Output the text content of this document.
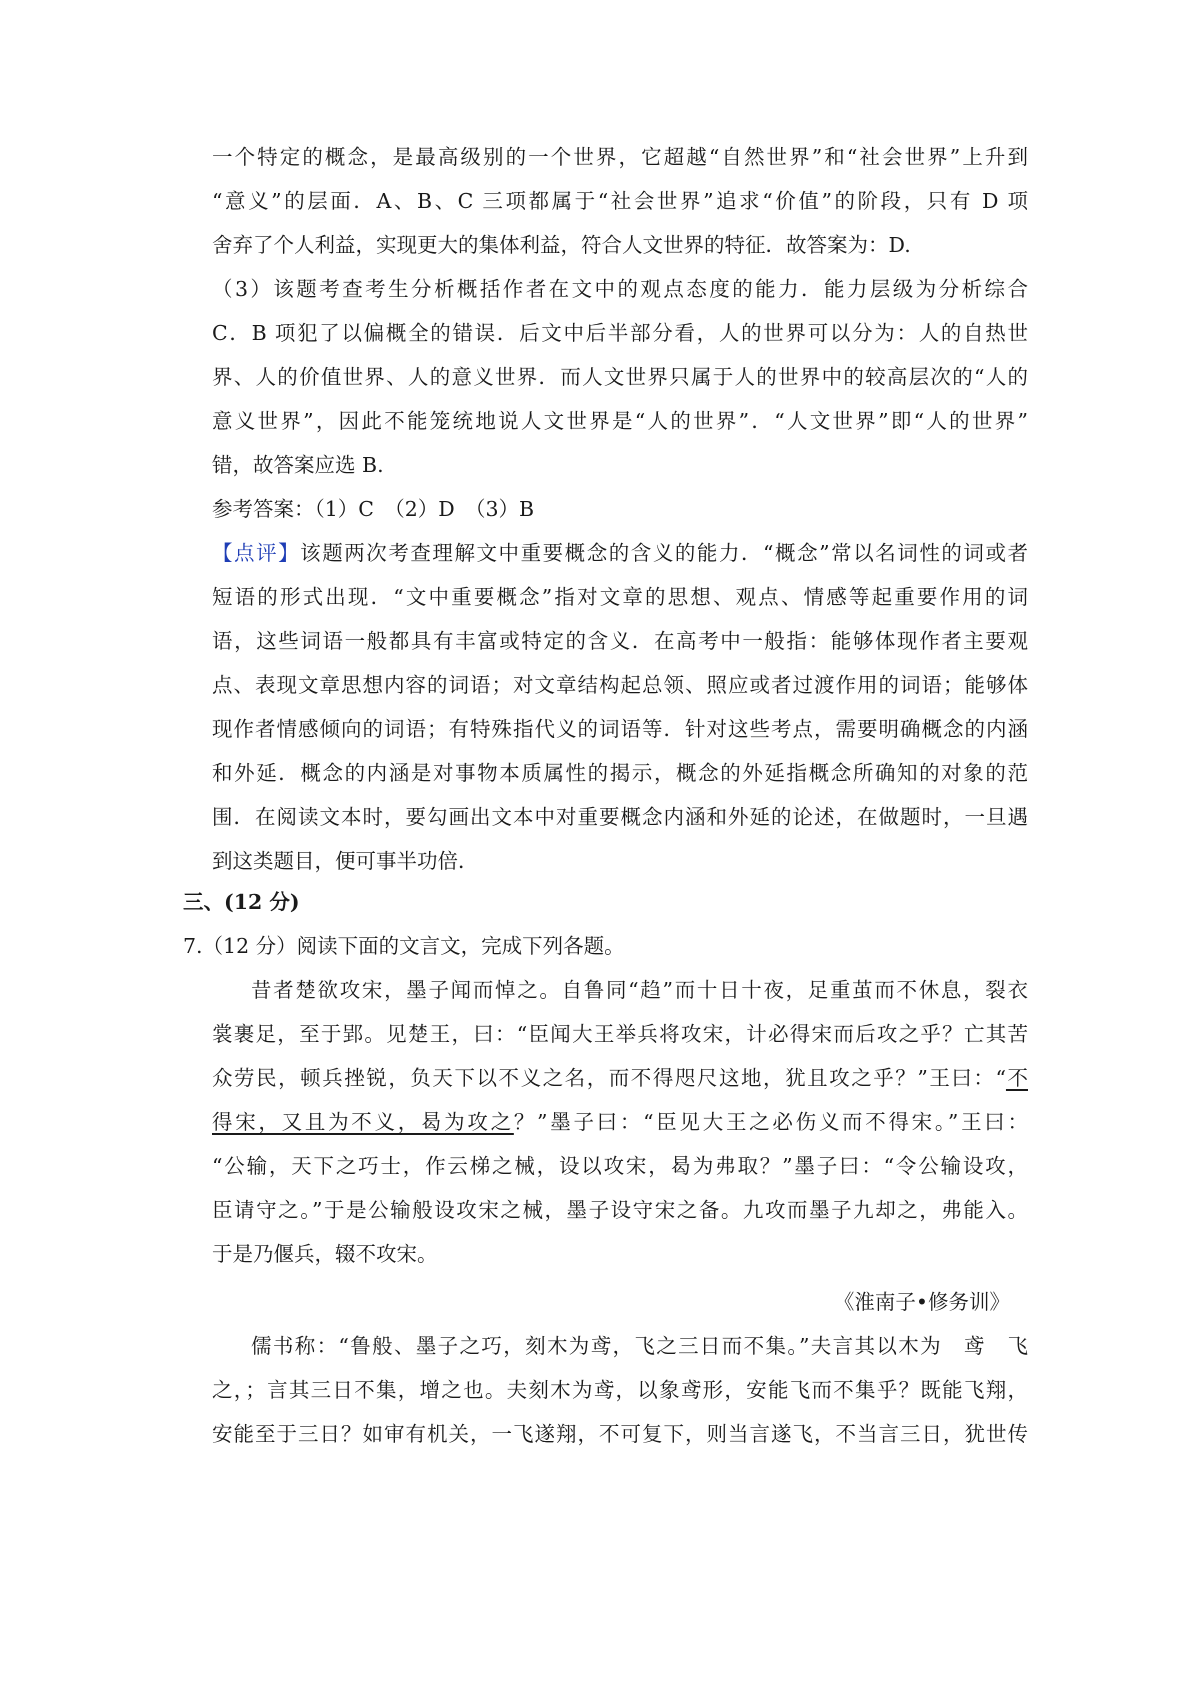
一个特定的概念，是最高级别的一个世界，它超越“自然世界”和“社会世界”上升到
“意义”的层面．A、B、C 三项都属于“社会世界”追求“价值”的阶段，只有 D 项
舍弃了个人利益，实现更大的集体利益，符合人文世界的特征．故答案为：D.
（3）该题考查考生分析概括作者在文中的观点态度的能力．能力层级为分析综合
C．B 项犯了以偏概全的错误．后文中后半部分看，人的世界可以分为：人的自热世
界、人的价值世界、人的意义世界．而人文世界只属于人的世界中的较高层次的“人的
意义世界”，因此不能笼统地说人文世界是“人的世界”．“人文世界”即“人的世界”
错，故答案应选 B.
参考答案：（1）C　（2）D　（3）B
【点评】该题两次考查理解文中重要概念的含义的能力．“概念”常以名词性的词或者
短语的形式出现．“文中重要概念”指对文章的思想、观点、情感等起重要作用的词
语，这些词语一般都具有丰富或特定的含义．在高考中一般指：能够体现作者主要观
点、表现文章思想内容的词语；对文章结构起总领、照应或者过渡作用的词语；能够体
现作者情感倾向的词语；有特殊指代义的词语等．针对这些考点，需要明确概念的内涵
和外延．概念的内涵是对事物本质属性的揭示，概念的外延指概念所确知的对象的范
围．在阅读文本时，要勾画出文本中对重要概念内涵和外延的论述，在做题时，一旦遇
到这类题目，便可事半功倍．
三、(12 分)
7.（12 分）阅读下面的文言文，完成下列各题。
昔者楚欲攻宋，墨子闻而悼之。自鲁同“趋”而十日十夜，足重茧而不休息，裂衣
裳裹足，至于郢。见楚王，曰：“臣闻大王举兵将攻宋，计必得宋而后攻之乎？亡其苦
众劳民，顿兵挫锐，负天下以不义之名，而不得咫尺这地，犹且攻之乎？”王曰：“不
得宋，又且为不义，曷为攻之？”墨子曰：“臣见大王之必伤义而不得宋。”王曰：
“公输，天下之巧士，作云梯之械，设以攻宋，曷为弗取？”墨子曰：“令公输设攻，
臣请守之。”于是公输般设攻宋之械，墨子设守宋之备。九攻而墨子九却之，弗能入。
于是乃偃兵，辍不攻宋。
《淮南子•修务训》
儒书称：“鲁般、墨子之巧，刻木为鸢，飞之三日而不集。”夫言其以木为　鸢　飞
之，；言其三日不集，增之也。夫刻木为鸢，以象鸢形，安能飞而不集乎？既能飞翔，
安能至于三日？如审有机关，一飞遂翔，不可复下，则当言遂飞，不当言三日，犹世传
